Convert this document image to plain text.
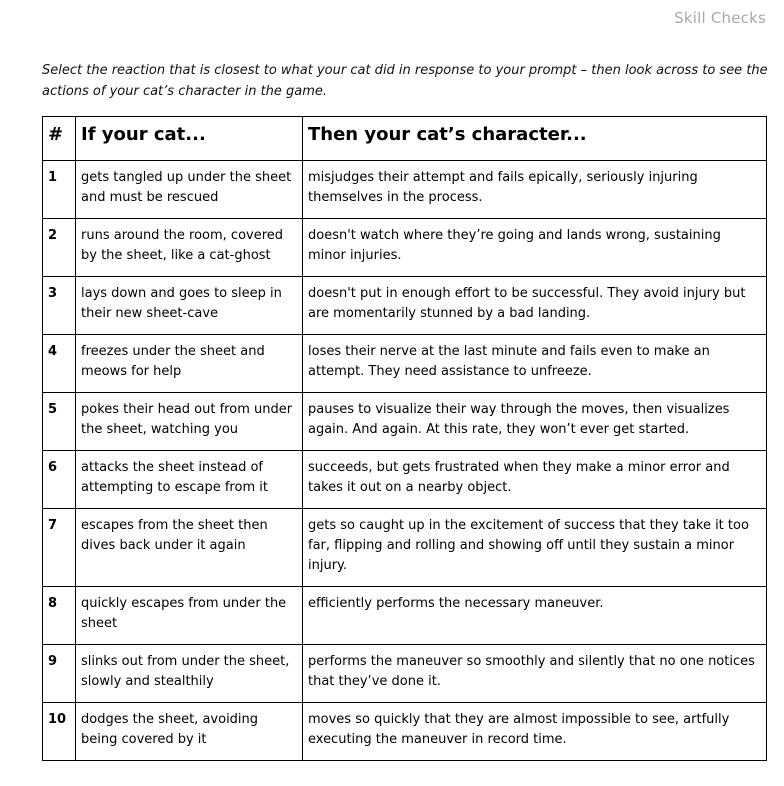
Skill Checks
Select the reaction that is closest to what your cat did in response to your prompt – then look across to see the actions of your cat’s character in the game.
#	If your cat...	Then your cat’s character...
1	gets tangled up under the sheet and must be rescued	misjudges their attempt and fails epically, seriously injuring themselves in the process.
2	runs around the room, covered by the sheet, like a cat-ghost	doesn't watch where they’re going and lands wrong, sustaining minor injuries.
3	lays down and goes to sleep in their new sheet-cave	doesn't put in enough effort to be successful. They avoid injury but are momentarily stunned by a bad landing.
4	freezes under the sheet and meows for help	loses their nerve at the last minute and fails even to make an attempt. They need assistance to unfreeze.
5	pokes their head out from under the sheet, watching you	pauses to visualize their way through the moves, then visualizes again. And again. At this rate, they won’t ever get started.
6	attacks the sheet instead of attempting to escape from it	succeeds, but gets frustrated when they make a minor error and takes it out on a nearby object.
7	escapes from the sheet then dives back under it again	gets so caught up in the excitement of success that they take it too far, flipping and rolling and showing off until they sustain a minor injury.
8	quickly escapes from under the sheet	efficiently performs the necessary maneuver.
9	slinks out from under the sheet, slowly and stealthily	performs the maneuver so smoothly and silently that no one notices that they’ve done it.
10	dodges the sheet, avoiding being covered by it	moves so quickly that they are almost impossible to see, artfully executing the maneuver in record time.
